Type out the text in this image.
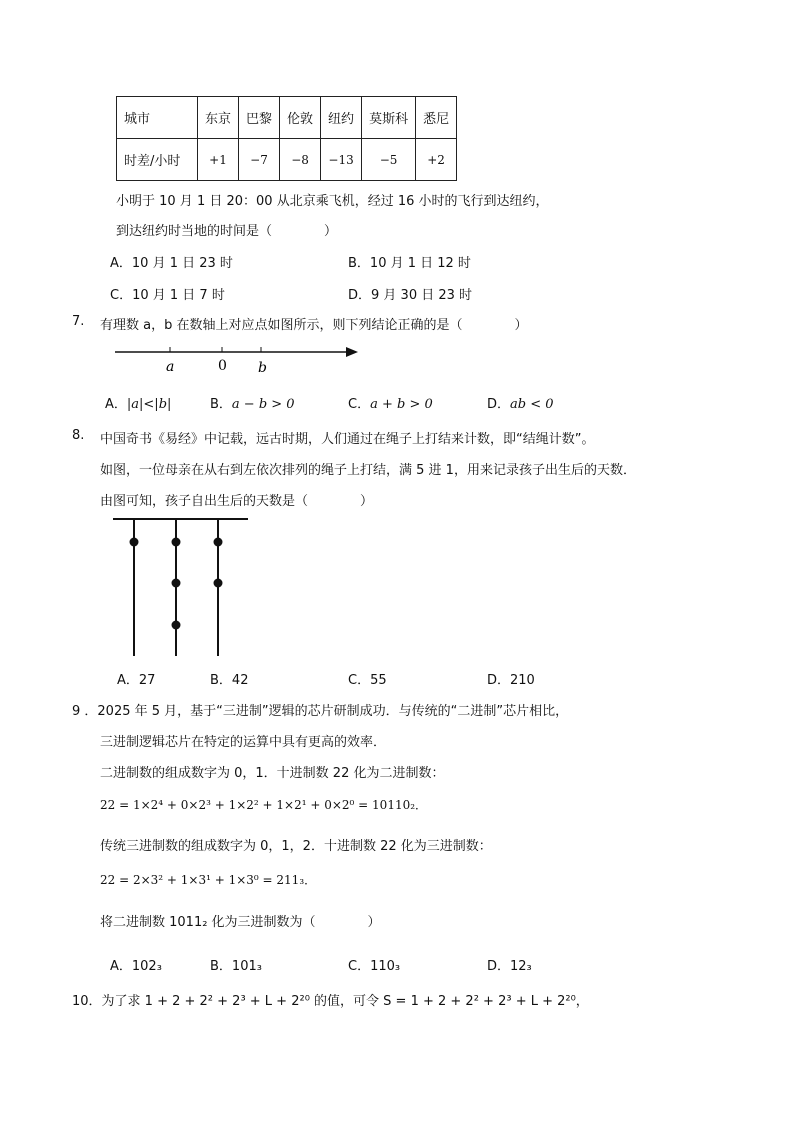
城市	东京	巴黎	伦敦	纽约	莫斯科	悉尼
时差/小时	+1	−7	−8	−13	−5	+2
小明于 10 月 1 日 20：00 从北京乘飞机，经过 16 小时的飞行到达纽约，
到达纽约时当地的时间是（　　　　）
A．10 月 1 日 23 时	B．10 月 1 日 12 时
C．10 月 1 日 7 时	D．9 月 30 日 23 时
7. 有理数 a，b 在数轴上对应点如图所示，则下列结论正确的是（　　　　）
a	0 b
A．|a|<|b|	B．a − b > 0	C．a + b > 0	D．ab < 0
8. 中国奇书《易经》中记载，远古时期，人们通过在绳子上打结来计数，即“结绳计数”。
如图，一位母亲在从右到左依次排列的绳子上打结，满 5 进 1，用来记录孩子出生后的天数．
由图可知，孩子自出生后的天数是（　　　　）
A．27	B．42	C．55	D．210
9 ．2025 年 5 月，基于“三进制”逻辑的芯片研制成功．与传统的“二进制”芯片相比，
三进制逻辑芯片在特定的运算中具有更高的效率．
二进制数的组成数字为 0，1．十进制数 22 化为二进制数：
22 = 1×2⁴ + 0×2³ + 1×2² + 1×2¹ + 0×2⁰ = 10110₂．
传统三进制数的组成数字为 0，1，2．十进制数 22 化为三进制数：
22 = 2×3² + 1×3¹ + 1×3⁰ = 211₃．
将二进制数 1011₂ 化为三进制数为（　　　　）
A．102₃	B．101₃	C．110₃	D．12₃
10．为了求 1 + 2 + 2² + 2³ + L + 2²⁰ 的值，可令 S = 1 + 2 + 2² + 2³ + L + 2²⁰，
